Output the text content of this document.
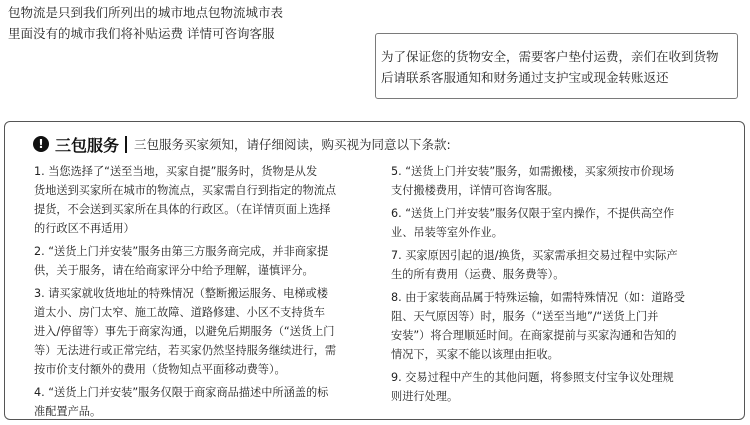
包物流是只到我们所列出的城市地点包物流城市表
里面没有的城市我们将补贴运费 详情可咨询客服
为了保证您的货物安全，需要客户垫付运费，亲们在收到货物
后请联系客服通知和财务通过支护宝或现金转账返还
! 三包服务 三包服务买家须知，请仔细阅读，购买视为同意以下条款:
1. 当您选择了“送至当地，买家自提”服务时，货物是从发
货地送到买家所在城市的物流点，买家需自行到指定的物流点
提货，不会送到买家所在具体的行政区。（在详情页面上选择
的行政区不再适用）
2. “送货上门并安装”服务由第三方服务商完成，并非商家提
供，关于服务，请在给商家评分中给予理解，谨慎评分。
3. 请买家就收货地址的特殊情况（整断搬运服务、电梯或楼
道太小、房门太窄、施工故障、道路修建、小区不支持货车
进入/停留等）事先于商家沟通，以避免后期服务（“送货上门
等）无法进行或正常完结，若买家仍然坚持服务继续进行，需
按市价支付额外的费用（货物知点平面移动费等）。
4. “送货上门并安装”服务仅限于商家商品描述中所涵盖的标
准配置产品。
5. “送货上门并安装”服务，如需搬楼，买家须按市价现场
支付搬楼费用，详情可咨询客服。
6. “送货上门并安装”服务仅限于室内操作，不提供高空作
业、吊装等室外作业。
7. 买家原因引起的退/换货，买家需承担交易过程中实际产
生的所有费用（运费、服务费等）。
8. 由于家装商品属于特殊运输，如需特殊情况（如：道路受
阻、天气原因等）时，服务（“送至当地”/“送货上门并
安装”）将合理顺延时间。在商家提前与买家沟通和告知的
情况下，买家不能以该理由拒收。
9. 交易过程中产生的其他问题，将参照支付宝争议处理规
则进行处理。
